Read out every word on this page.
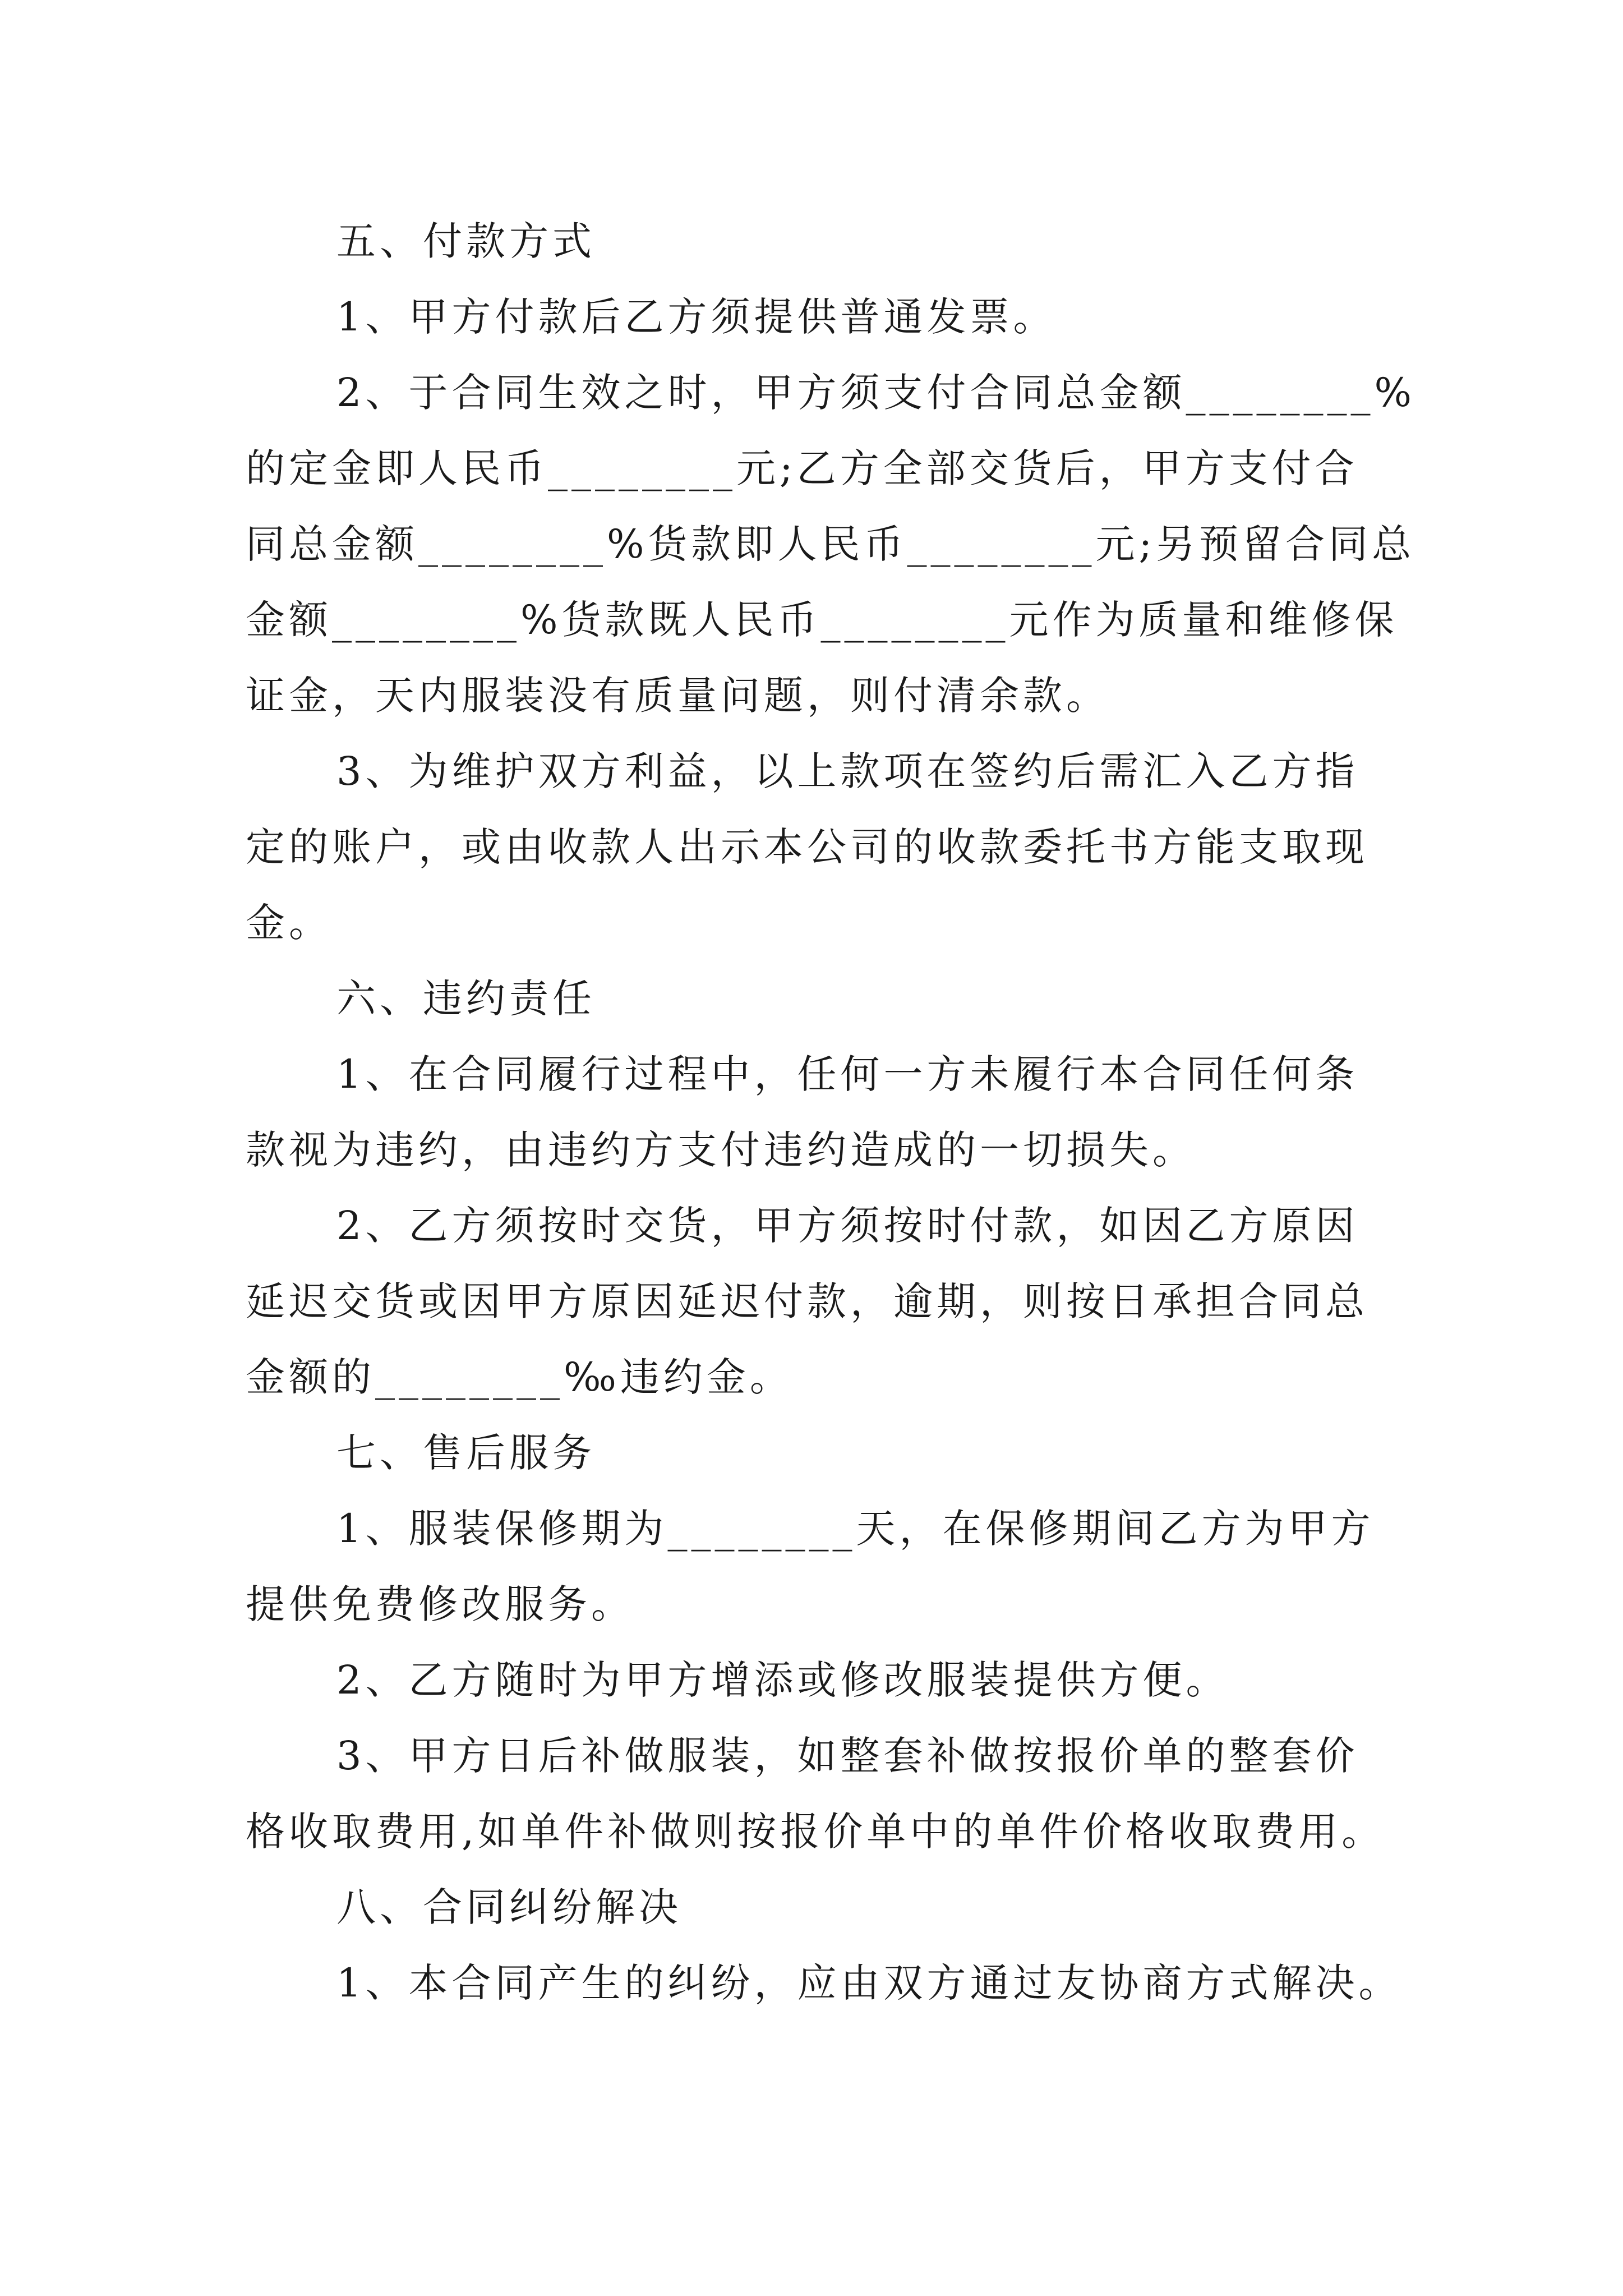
五、付款方式
1、甲方付款后乙方须提供普通发票。
2、于合同生效之时，甲方须支付合同总金额________%
的定金即人民币________元;乙方全部交货后，甲方支付合
同总金额________%货款即人民币________元;另预留合同总
金额________%货款既人民币________元作为质量和维修保
证金，天内服装没有质量问题，则付清余款。
3、为维护双方利益，以上款项在签约后需汇入乙方指
定的账户，或由收款人出示本公司的收款委托书方能支取现
金。
六、违约责任
1、在合同履行过程中，任何一方未履行本合同任何条
款视为违约，由违约方支付违约造成的一切损失。
2、乙方须按时交货，甲方须按时付款，如因乙方原因
延迟交货或因甲方原因延迟付款，逾期，则按日承担合同总
金额的________‰违约金。
七、售后服务
1、服装保修期为________天，在保修期间乙方为甲方
提供免费修改服务。
2、乙方随时为甲方增添或修改服装提供方便。
3、甲方日后补做服装，如整套补做按报价单的整套价
格收取费用,如单件补做则按报价单中的单件价格收取费用。
八、合同纠纷解决
1、本合同产生的纠纷，应由双方通过友协商方式解决。
